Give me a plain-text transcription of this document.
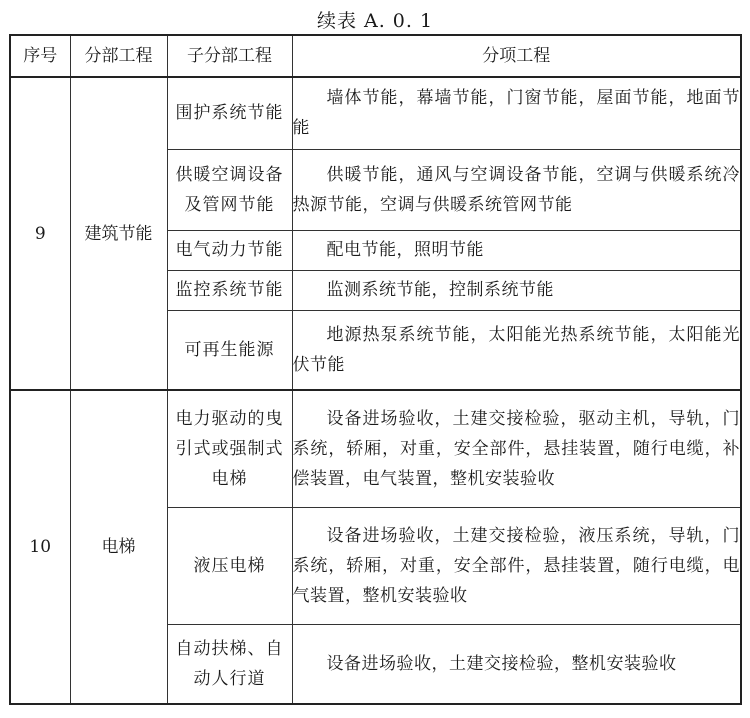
续表 A. 0. 1
序号	分部工程	子分部工程	分项工程
9	建筑节能	围护系统节能	墙体节能，幕墙节能，门窗节能，屋面节能，地面节能
		供暖空调设备及管网节能	供暖节能，通风与空调设备节能，空调与供暖系统冷热源节能，空调与供暖系统管网节能
		电气动力节能	配电节能，照明节能
		监控系统节能	监测系统节能，控制系统节能
		可再生能源	地源热泵系统节能，太阳能光热系统节能，太阳能光伏节能
10	电梯	电力驱动的曳引式或强制式电梯	设备进场验收，土建交接检验，驱动主机，导轨，门系统，轿厢，对重，安全部件，悬挂装置，随行电缆，补偿装置，电气装置，整机安装验收
		液压电梯	设备进场验收，土建交接检验，液压系统，导轨，门系统，轿厢，对重，安全部件，悬挂装置，随行电缆，电气装置，整机安装验收
		自动扶梯、自动人行道	设备进场验收，土建交接检验，整机安装验收
